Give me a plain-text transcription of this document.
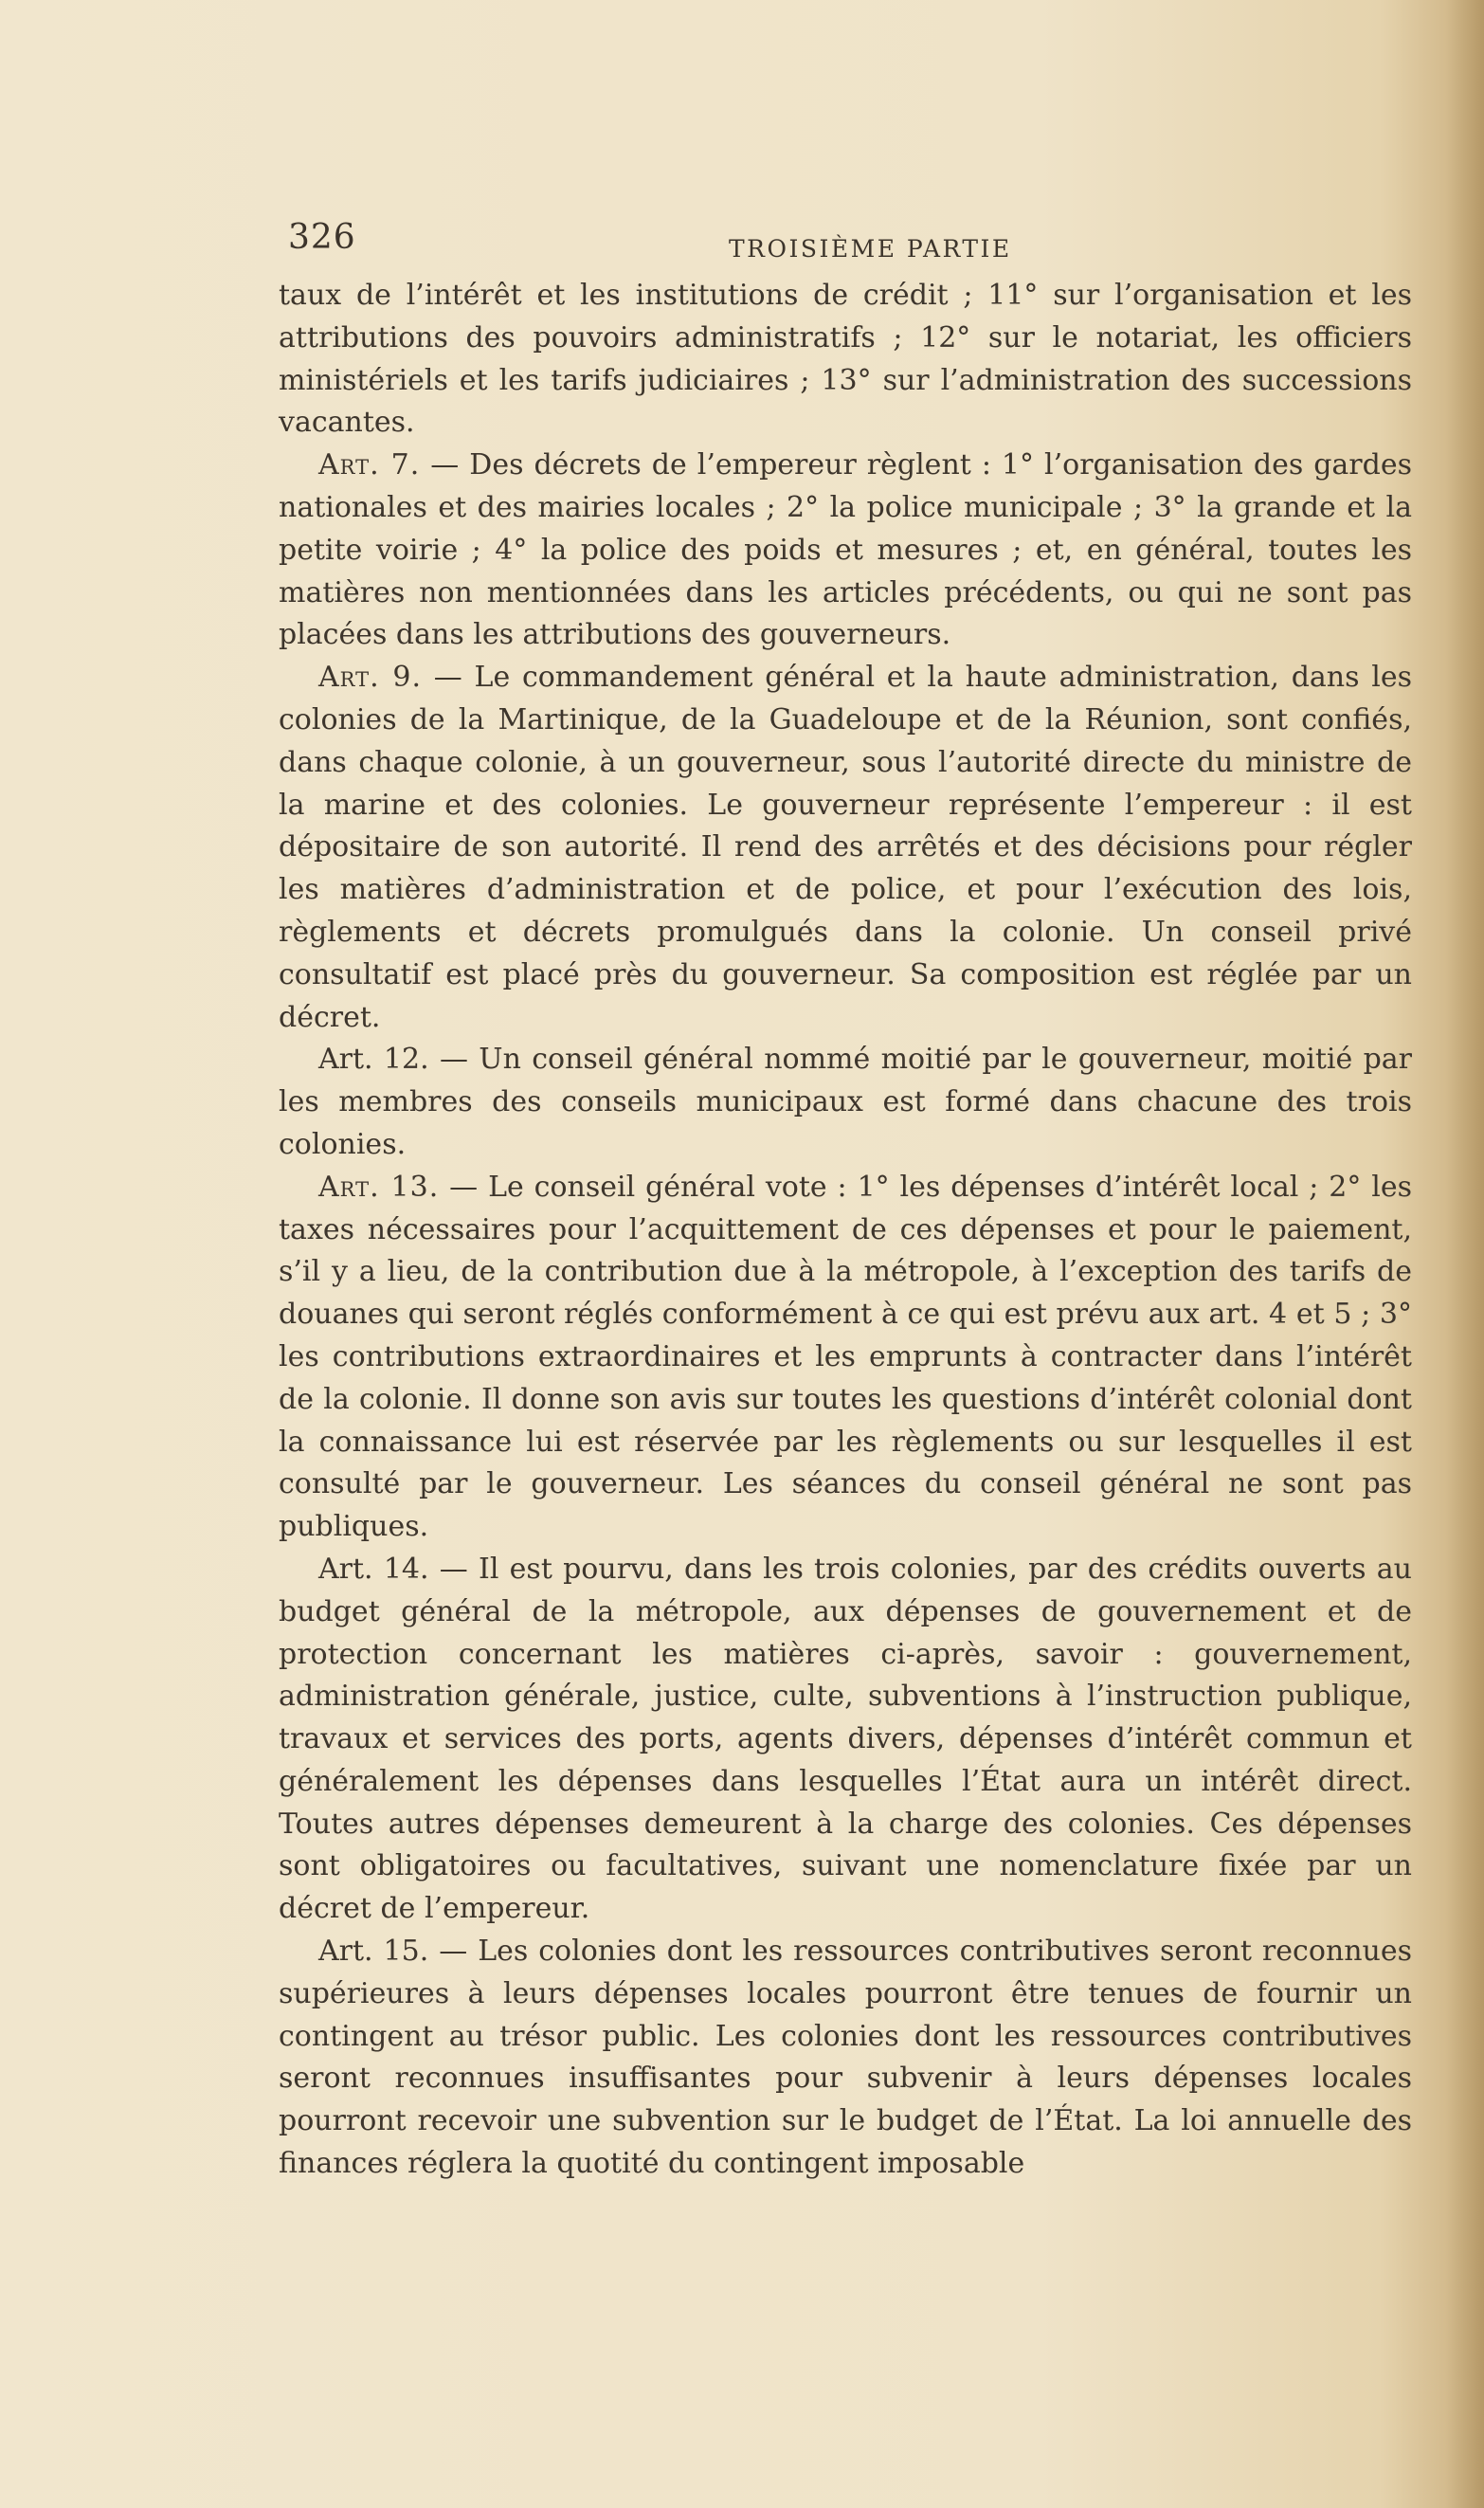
326	TROISIÈME PARTIE

taux de l’intérêt et les institutions de crédit ; 11° sur l’organisation et les attributions des pouvoirs administratifs ; 12° sur le notariat, les officiers ministériels et les tarifs judiciaires ; 13° sur l’administration des successions vacantes.

Art. 7. — Des décrets de l’empereur règlent : 1° l’organisation des gardes nationales et des mairies locales ; 2° la police municipale ; 3° la grande et la petite voirie ; 4° la police des poids et mesures ; et, en général, toutes les matières non mentionnées dans les articles précédents, ou qui ne sont pas placées dans les attributions des gouverneurs.

Art. 9. — Le commandement général et la haute administration, dans les colonies de la Martinique, de la Guadeloupe et de la Réunion, sont confiés, dans chaque colonie, à un gouverneur, sous l’autorité directe du ministre de la marine et des colonies. Le gouverneur représente l’empereur : il est dépositaire de son autorité. Il rend des arrêtés et des décisions pour régler les matières d’administration et de police, et pour l’exécution des lois, règlements et décrets promulgués dans la colonie. Un conseil privé consultatif est placé près du gouverneur. Sa composition est réglée par un décret.

Art. 12. — Un conseil général nommé moitié par le gouverneur, moitié par les membres des conseils municipaux est formé dans chacune des trois colonies.

Art. 13. — Le conseil général vote : 1° les dépenses d’intérêt local ; 2° les taxes nécessaires pour l’acquittement de ces dépenses et pour le paiement, s’il y a lieu, de la contribution due à la métropole, à l’exception des tarifs de douanes qui seront réglés conformément à ce qui est prévu aux art. 4 et 5 ; 3° les contributions extraordinaires et les emprunts à contracter dans l’intérêt de la colonie. Il donne son avis sur toutes les questions d’intérêt colonial dont la connaissance lui est réservée par les règlements ou sur lesquelles il est consulté par le gouverneur. Les séances du conseil général ne sont pas publiques.

Art. 14. — Il est pourvu, dans les trois colonies, par des crédits ouverts au budget général de la métropole, aux dépenses de gouvernement et de protection concernant les matières ci-après, savoir : gouvernement, administration générale, justice, culte, subventions à l’instruction publique, travaux et services des ports, agents divers, dépenses d’intérêt commun et généralement les dépenses dans lesquelles l’État aura un intérêt direct. Toutes autres dépenses demeurent à la charge des colonies. Ces dépenses sont obligatoires ou facultatives, suivant une nomenclature fixée par un décret de l’empereur.

Art. 15. — Les colonies dont les ressources contributives seront reconnues supérieures à leurs dépenses locales pourront être tenues de fournir un contingent au trésor public. Les colonies dont les ressources contributives seront reconnues insuffisantes pour subvenir à leurs dépenses locales pourront recevoir une subvention sur le budget de l’État. La loi annuelle des finances réglera la quotité du contingent imposable
